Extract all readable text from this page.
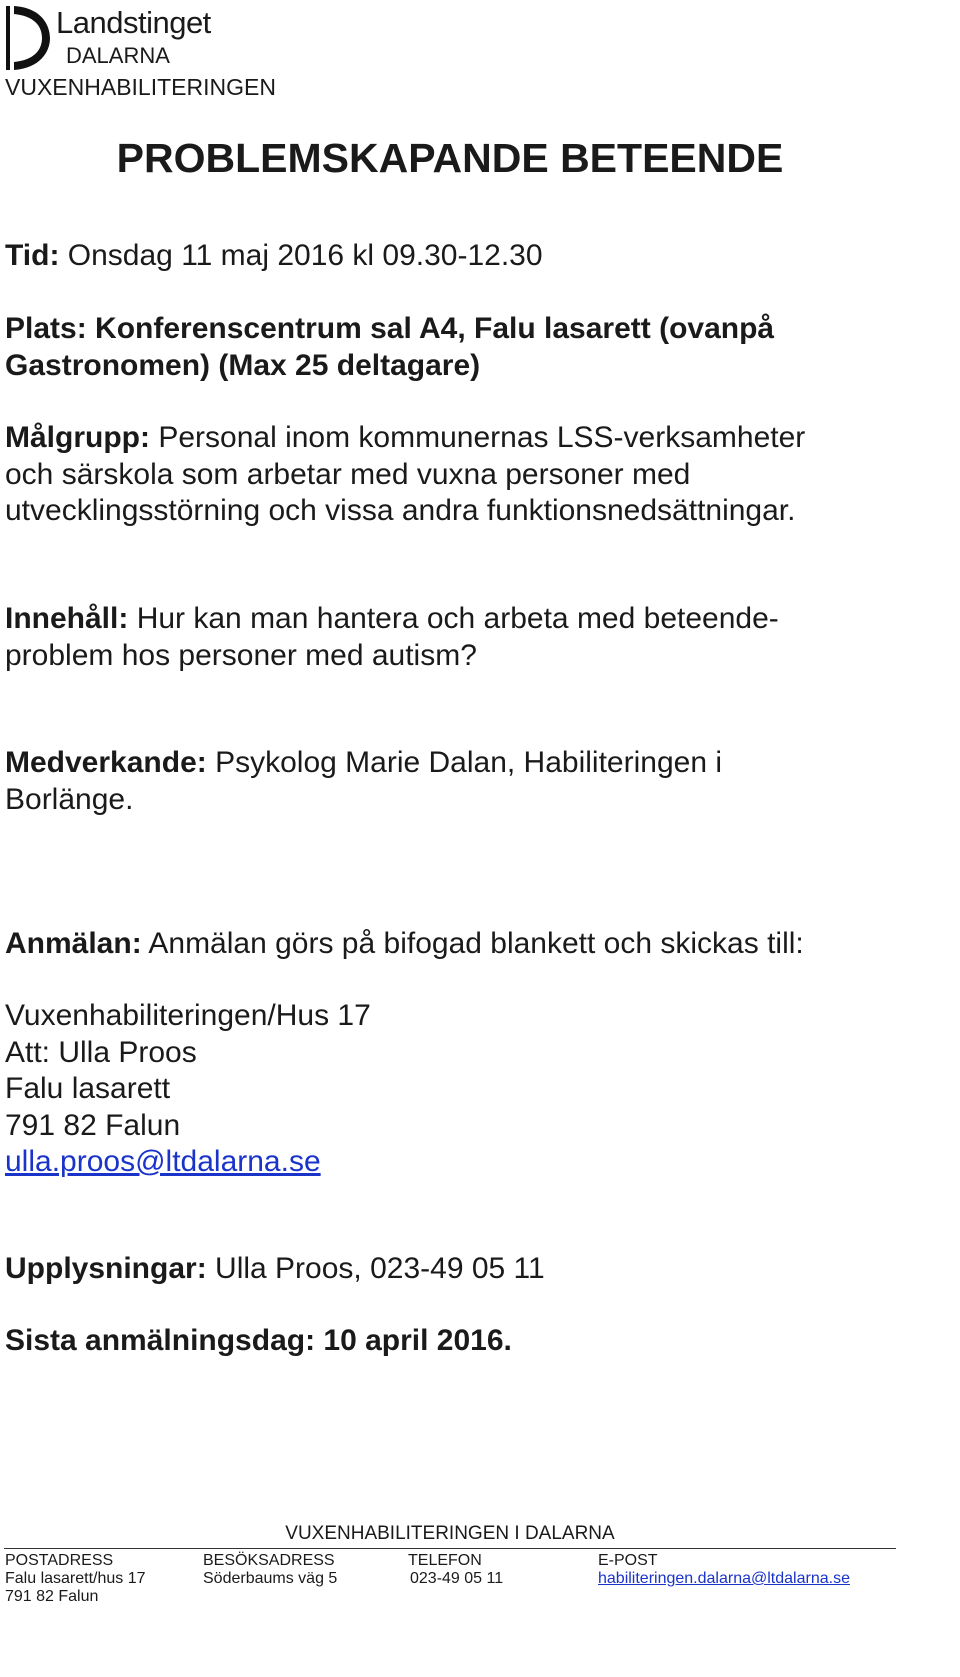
Landstinget
DALARNA
VUXENHABILITERINGEN
PROBLEMSKAPANDE BETEENDE
Tid: Onsdag 11 maj 2016 kl 09.30-12.30
Plats: Konferenscentrum sal A4, Falu lasarett (ovanpå
Gastronomen) (Max 25 deltagare)
Målgrupp: Personal inom kommunernas LSS-verksamheter
och särskola som arbetar med vuxna personer med
utvecklingsstörning och vissa andra funktionsnedsättningar.
Innehåll: Hur kan man hantera och arbeta med beteende-
problem hos personer med autism?
Medverkande: Psykolog Marie Dalan, Habiliteringen i
Borlänge.
Anmälan: Anmälan görs på bifogad blankett och skickas till:
Vuxenhabiliteringen/Hus 17
Att: Ulla Proos
Falu lasarett
791 82 Falun
ulla.proos@ltdalarna.se
Upplysningar: Ulla Proos, 023-49 05 11
Sista anmälningsdag: 10 april 2016.
VUXENHABILITERINGEN I DALARNA
POSTADRESS	BESÖKSADRESS	TELEFON	E-POST
Falu lasarett/hus 17	Söderbaums väg 5	023-49 05 11	habiliteringen.dalarna@ltdalarna.se
791 82 Falun
